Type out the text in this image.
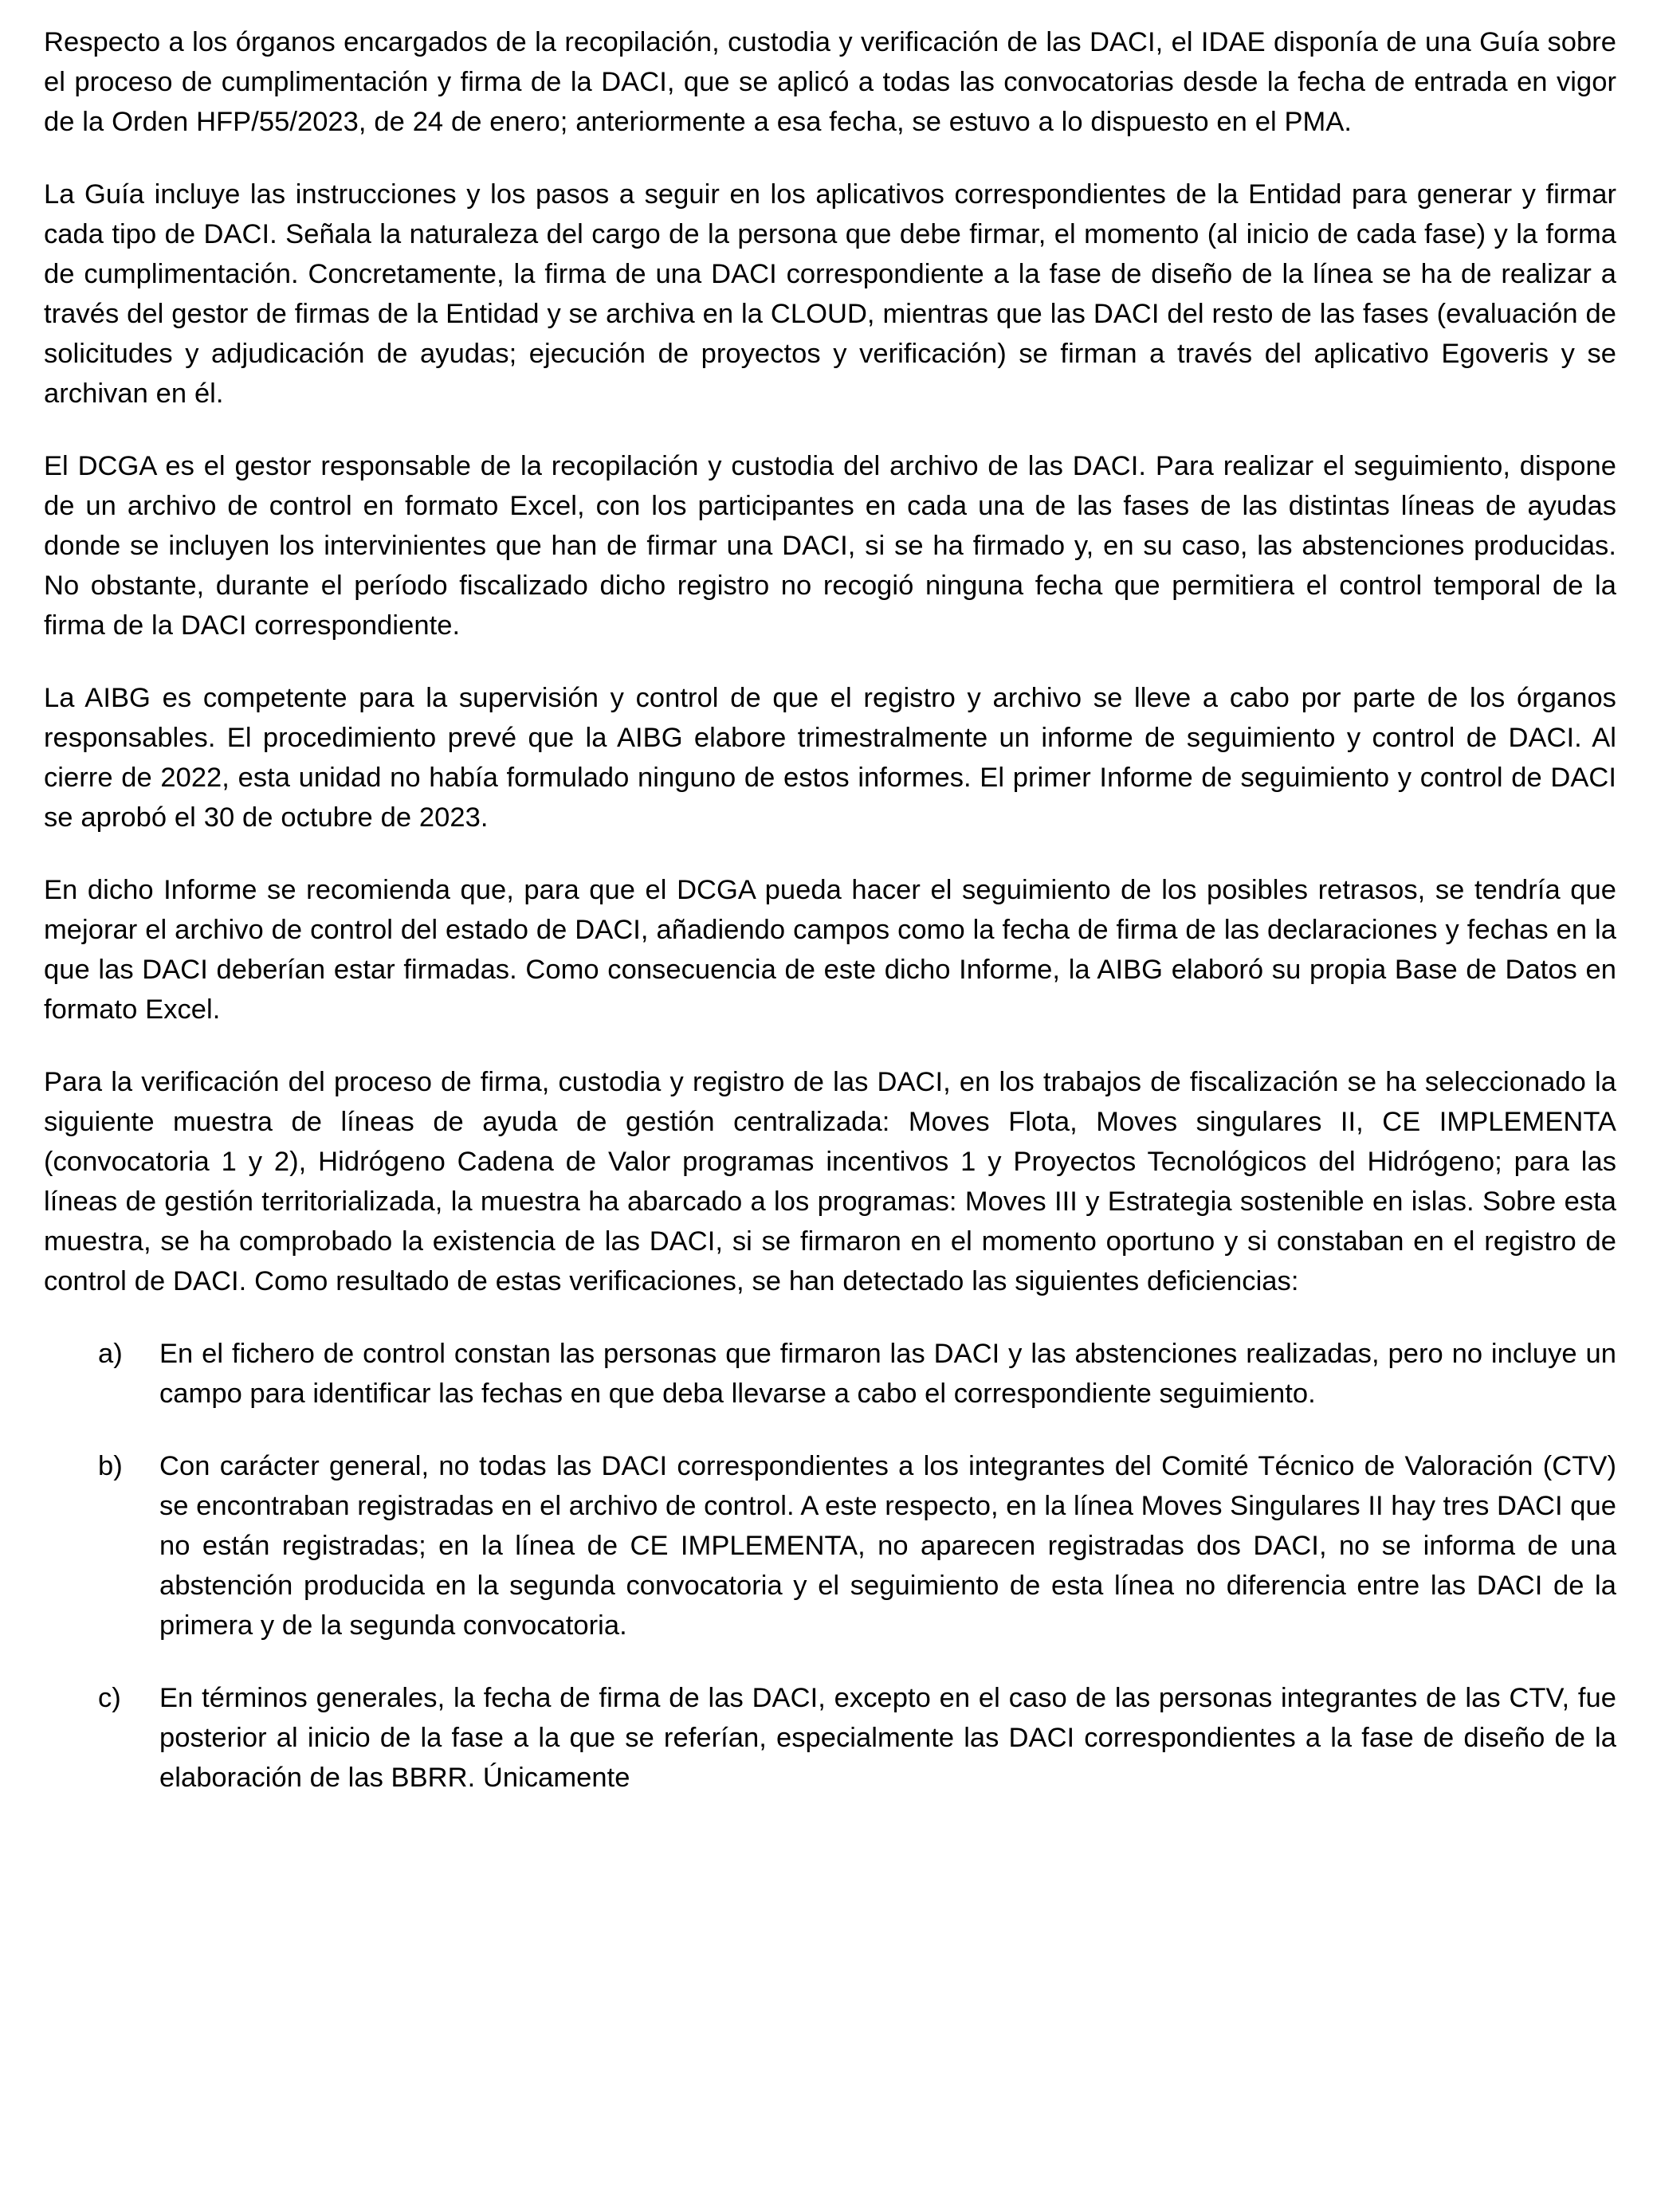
Respecto a los órganos encargados de la recopilación, custodia y verificación de las DACI, el IDAE disponía de una Guía sobre el proceso de cumplimentación y firma de la DACI, que se aplicó a todas las convocatorias desde la fecha de entrada en vigor de la Orden HFP/55/2023, de 24 de enero; anteriormente a esa fecha, se estuvo a lo dispuesto en el PMA.

La Guía incluye las instrucciones y los pasos a seguir en los aplicativos correspondientes de la Entidad para generar y firmar cada tipo de DACI. Señala la naturaleza del cargo de la persona que debe firmar, el momento (al inicio de cada fase) y la forma de cumplimentación. Concretamente, la firma de una DACI correspondiente a la fase de diseño de la línea se ha de realizar a través del gestor de firmas de la Entidad y se archiva en la CLOUD, mientras que las DACI del resto de las fases (evaluación de solicitudes y adjudicación de ayudas; ejecución de proyectos y verificación) se firman a través del aplicativo Egoveris y se archivan en él.

El DCGA es el gestor responsable de la recopilación y custodia del archivo de las DACI. Para realizar el seguimiento, dispone de un archivo de control en formato Excel, con los participantes en cada una de las fases de las distintas líneas de ayudas donde se incluyen los intervinientes que han de firmar una DACI, si se ha firmado y, en su caso, las abstenciones producidas. No obstante, durante el período fiscalizado dicho registro no recogió ninguna fecha que permitiera el control temporal de la firma de la DACI correspondiente.

La AIBG es competente para la supervisión y control de que el registro y archivo se lleve a cabo por parte de los órganos responsables. El procedimiento prevé que la AIBG elabore trimestralmente un informe de seguimiento y control de DACI. Al cierre de 2022, esta unidad no había formulado ninguno de estos informes. El primer Informe de seguimiento y control de DACI se aprobó el 30 de octubre de 2023.

En dicho Informe se recomienda que, para que el DCGA pueda hacer el seguimiento de los posibles retrasos, se tendría que mejorar el archivo de control del estado de DACI, añadiendo campos como la fecha de firma de las declaraciones y fechas en la que las DACI deberían estar firmadas. Como consecuencia de este dicho Informe, la AIBG elaboró su propia Base de Datos en formato Excel.

Para la verificación del proceso de firma, custodia y registro de las DACI, en los trabajos de fiscalización se ha seleccionado la siguiente muestra de líneas de ayuda de gestión centralizada: Moves Flota, Moves singulares II, CE IMPLEMENTA (convocatoria 1 y 2), Hidrógeno Cadena de Valor programas incentivos 1 y Proyectos Tecnológicos del Hidrógeno; para las líneas de gestión territorializada, la muestra ha abarcado a los programas: Moves III y Estrategia sostenible en islas. Sobre esta muestra, se ha comprobado la existencia de las DACI, si se firmaron en el momento oportuno y si constaban en el registro de control de DACI. Como resultado de estas verificaciones, se han detectado las siguientes deficiencias:

a)	En el fichero de control constan las personas que firmaron las DACI y las abstenciones realizadas, pero no incluye un campo para identificar las fechas en que deba llevarse a cabo el correspondiente seguimiento.
b)	Con carácter general, no todas las DACI correspondientes a los integrantes del Comité Técnico de Valoración (CTV) se encontraban registradas en el archivo de control. A este respecto, en la línea Moves Singulares II hay tres DACI que no están registradas; en la línea de CE IMPLEMENTA, no aparecen registradas dos DACI, no se informa de una abstención producida en la segunda convocatoria y el seguimiento de esta línea no diferencia entre las DACI de la primera y de la segunda convocatoria.
c)	En términos generales, la fecha de firma de las DACI, excepto en el caso de las personas integrantes de las CTV, fue posterior al inicio de la fase a la que se referían, especialmente las DACI correspondientes a la fase de diseño de la elaboración de las BBRR. Únicamente
